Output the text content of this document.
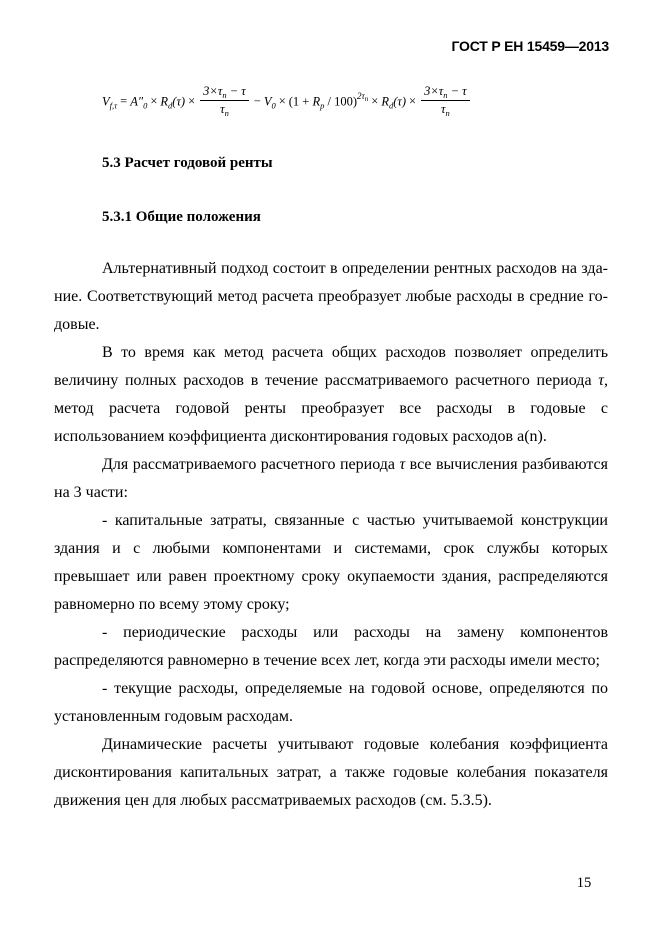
ГОСТ Р ЕН 15459—2013
$V_{f,\tau} = A''_0 \times R_d(\tau) \times \frac{3\times\tau_n - \tau}{\tau_n} - V_0 \times (1 + R_p / 100)^{2\tau_n} \times R_d(\tau) \times \frac{3\times\tau_n - \tau}{\tau_n}$
5.3 Расчет годовой ренты
5.3.1 Общие положения

Альтернативный подход состоит в определении рентных расходов на здание. Соответствующий метод расчета преобразует любые расходы в средние годовые.

В то время как метод расчета общих расходов позволяет определить величину полных расходов в течение рассматриваемого расчетного периода τ, метод расчета годовой ренты преобразует все расходы в годовые с использованием коэффициента дисконтирования годовых расходов a(n).

Для рассматриваемого расчетного периода τ все вычисления разбиваются на 3 части:

- капитальные затраты, связанные с частью учитываемой конструкции здания и с любыми компонентами и системами, срок службы которых превышает или равен проектному сроку окупаемости здания, распределяются равномерно по всему этому сроку;

- периодические расходы или расходы на замену компонентов распределяются равномерно в течение всех лет, когда эти расходы имели место;

- текущие расходы, определяемые на годовой основе, определяются по установленным годовым расходам.

Динамические расчеты учитывают годовые колебания коэффициента дисконтирования капитальных затрат, а также годовые колебания показателя движения цен для любых рассматриваемых расходов (см. 5.3.5).

15
